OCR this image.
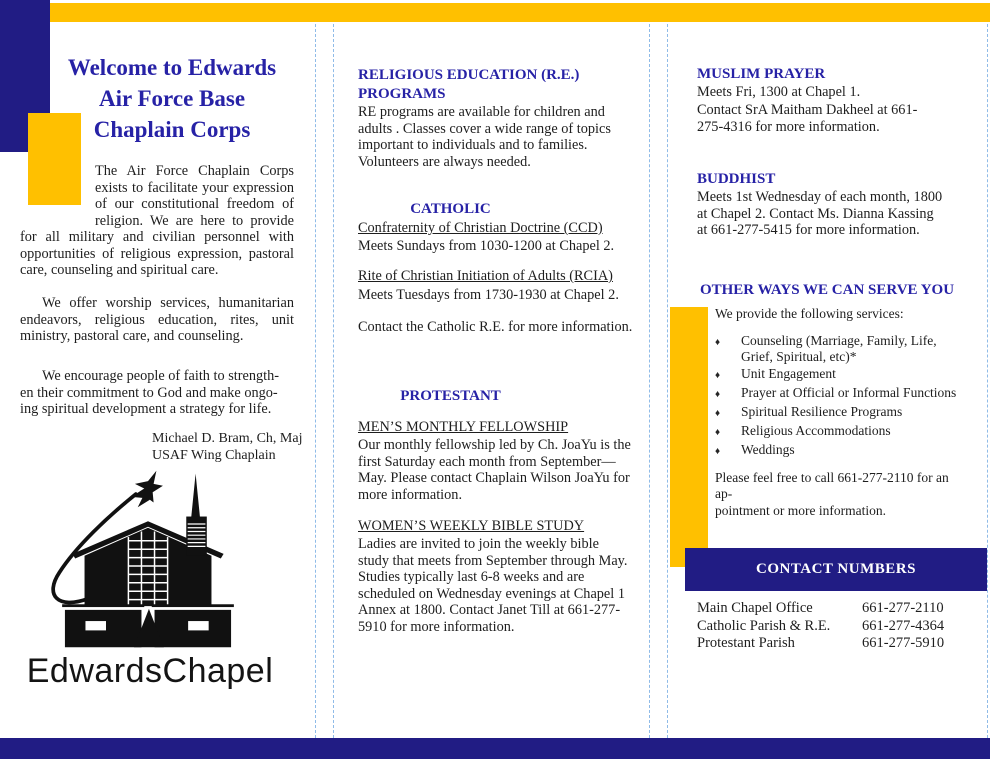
Welcome to Edwards
Air Force Base
Chaplain Corps
The Air Force Chaplain Corps exists to facilitate your expression of our constitutional freedom of religion. We are here to provide for all military and civilian personnel with opportunities of religious expression, pastoral care, counseling and spiritual care.
We offer worship services, humanitarian endeavors, religious education, rites, unit ministry, pastoral care, and counseling.
We encourage people of faith to strength-
en their commitment to God and make ongo-
ing spiritual development a strategy for life.
Michael D. Bram, Ch, Maj
USAF Wing Chaplain
EdwardsChapel
RELIGIOUS EDUCATION (R.E.)
PROGRAMS
RE programs are available for children and adults . Classes cover a wide range of topics important to individuals and to families. Volunteers are always needed.
CATHOLIC
Confraternity of Christian Doctrine (CCD)
Meets Sundays from 1030-1200 at Chapel 2.
Rite of Christian Initiation of Adults (RCIA)
Meets Tuesdays from 1730-1930 at Chapel 2.
Contact the Catholic R.E. for more information.
PROTESTANT
MEN’S MONTHLY FELLOWSHIP
Our monthly fellowship led by Ch. JoaYu is the first Saturday each month from September—May. Please contact Chaplain Wilson JoaYu for more information.
WOMEN’S WEEKLY BIBLE STUDY
Ladies are invited to join the weekly bible study that meets from September through May. Studies typically last 6-8 weeks and are scheduled on Wednesday evenings at Chapel 1 Annex at 1800. Contact Janet Till at 661-277-5910 for more information.
MUSLIM PRAYER
Meets Fri, 1300 at Chapel 1.
Contact SrA Maitham Dakheel at 661-275-4316 for more information.
BUDDHIST
Meets 1st Wednesday of each month, 1800 at Chapel 2. Contact Ms. Dianna Kassing at 661-277-5415 for more information.
OTHER WAYS WE CAN SERVE YOU
We provide the following services:
♦	Counseling (Marriage, Family, Life, Grief, Spiritual, etc)*
♦	Unit Engagement
♦	Prayer at Official or Informal Functions
♦	Spiritual Resilience Programs
♦	Religious Accommodations
♦	Weddings
Please feel free to call 661-277-2110 for an ap-
pointment or more information.
CONTACT NUMBERS
Main Chapel Office	661-277-2110
Catholic Parish & R.E.	661-277-4364
Protestant Parish	661-277-5910
